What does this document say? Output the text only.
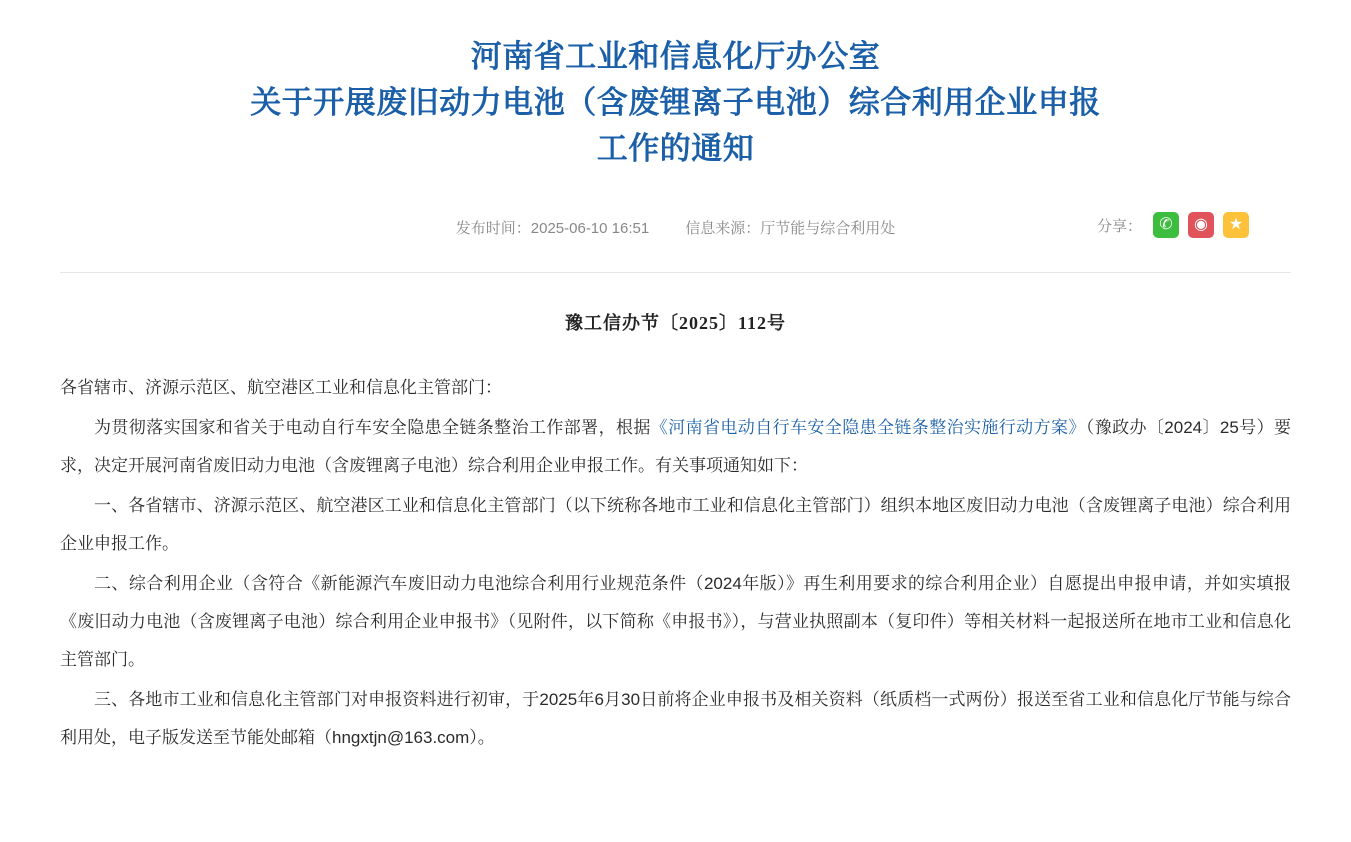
河南省工业和信息化厅办公室
关于开展废旧动力电池（含废锂离子电池）综合利用企业申报
工作的通知
发布时间：2025-06-10 16:51 信息来源：厅节能与综合利用处	分享： ✆ ◉ ★
豫工信办节〔2025〕112号

各省辖市、济源示范区、航空港区工业和信息化主管部门：

为贯彻落实国家和省关于电动自行车安全隐患全链条整治工作部署，根据《河南省电动自行车安全隐患全链条整治实施行动方案》（豫政办〔2024〕25号）要求，决定开展河南省废旧动力电池（含废锂离子电池）综合利用企业申报工作。有关事项通知如下：

一、各省辖市、济源示范区、航空港区工业和信息化主管部门（以下统称各地市工业和信息化主管部门）组织本地区废旧动力电池（含废锂离子电池）综合利用企业申报工作。

二、综合利用企业（含符合《新能源汽车废旧动力电池综合利用行业规范条件（2024年版）》再生利用要求的综合利用企业）自愿提出申报申请，并如实填报《废旧动力电池（含废锂离子电池）综合利用企业申报书》（见附件，以下简称《申报书》），与营业执照副本（复印件）等相关材料一起报送所在地市工业和信息化主管部门。

三、各地市工业和信息化主管部门对申报资料进行初审，于2025年6月30日前将企业申报书及相关资料（纸质档一式两份）报送至省工业和信息化厅节能与综合利用处，电子版发送至节能处邮箱（hngxtjn@163.com）。
